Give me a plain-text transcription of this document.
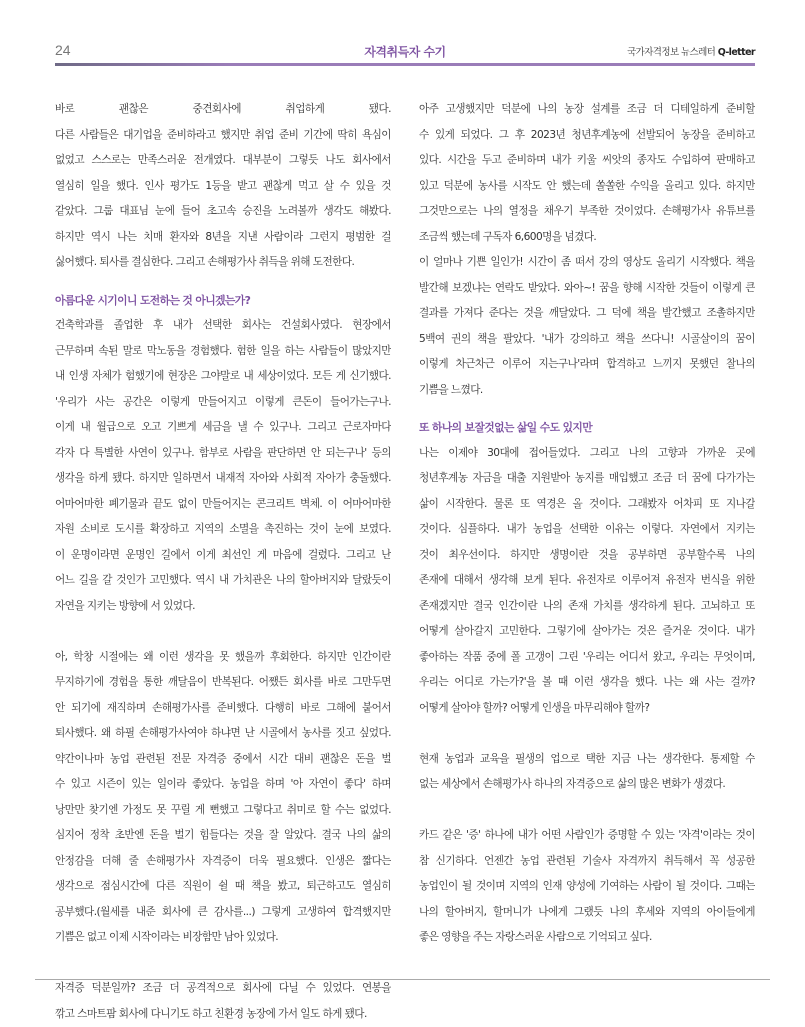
24	자격취득자 수기	국가자격정보 뉴스레터 Q-letter
바로 괜찮은 중견회사에 취업하게 됐다.
다른 사람들은 대기업을 준비하라고 했지만 취업 준비 기간에 딱히 욕심이
없었고 스스로는 만족스러운 전개였다. 대부분이 그렇듯 나도 회사에서
열심히 일을 했다. 인사 평가도 1등을 받고 괜찮게 먹고 살 수 있을 것
같았다. 그룹 대표님 눈에 들어 초고속 승진을 노려볼까 생각도 해봤다.
하지만 역시 나는 치매 환자와 8년을 지낸 사람이라 그런지 평범한 걸
싫어했다. 퇴사를 결심한다. 그리고 손해평가사 취득을 위해 도전한다.
아름다운 시기이니 도전하는 것 아니겠는가?
건축학과를 졸업한 후 내가 선택한 회사는 건설회사였다. 현장에서
근무하며 속된 말로 막노동을 경험했다. 험한 일을 하는 사람들이 많았지만
내 인생 자체가 험했기에 현장은 그야말로 내 세상이었다. 모든 게 신기했다.
'우리가 사는 공간은 이렇게 만들어지고 이렇게 큰돈이 들어가는구나.
이게 내 월급으로 오고 기쁘게 세금을 낼 수 있구나. 그리고 근로자마다
각자 다 특별한 사연이 있구나. 함부로 사람을 판단하면 안 되는구나' 등의
생각을 하게 됐다. 하지만 일하면서 내재적 자아와 사회적 자아가 충돌했다.
어마어마한 폐기물과 끝도 없이 만들어지는 콘크리트 벽체. 이 어마어마한
자원 소비로 도시를 확장하고 지역의 소멸을 촉진하는 것이 눈에 보였다.
이 운명이라면 운명인 길에서 이게 최선인 게 마음에 걸렸다. 그리고 난
어느 길을 갈 것인가 고민했다. 역시 내 가치관은 나의 할아버지와 달랐듯이
자연을 지키는 방향에 서 있었다.
아, 학창 시절에는 왜 이런 생각을 못 했을까 후회한다. 하지만 인간이란
무지하기에 경험을 통한 깨달음이 반복된다. 어쨌든 회사를 바로 그만두면
안 되기에 재직하며 손해평가사를 준비했다. 다행히 바로 그해에 붙어서
퇴사했다. 왜 하필 손해평가사여야 하냐면 난 시골에서 농사를 짓고 싶었다.
약간이나마 농업 관련된 전문 자격증 중에서 시간 대비 괜찮은 돈을 벌
수 있고 시즌이 있는 일이라 좋았다. 농업을 하며 '아 자연이 좋다' 하며
낭만만 찾기엔 가정도 못 꾸릴 게 뻔했고 그렇다고 취미로 할 수는 없었다.
심지어 정착 초반엔 돈을 벌기 힘들다는 것을 잘 알았다. 결국 나의 삶의
안정감을 더해 줄 손해평가사 자격증이 더욱 필요했다. 인생은 짧다는
생각으로 점심시간에 다른 직원이 쉴 때 책을 봤고, 퇴근하고도 열심히
공부했다.(월세를 내준 회사에 큰 감사를...) 그렇게 고생하여 합격했지만
기쁨은 없고 이제 시작이라는 비장함만 남아 있었다.
자격증 덕분일까? 조금 더 공격적으로 회사에 다닐 수 있었다. 연봉을
깎고 스마트팜 회사에 다니기도 하고 친환경 농장에 가서 일도 하게 됐다.
아주 고생했지만 덕분에 나의 농장 설계를 조금 더 디테일하게 준비할
수 있게 되었다. 그 후 2023년 청년후계농에 선발되어 농장을 준비하고
있다. 시간을 두고 준비하며 내가 키울 씨앗의 종자도 수입하여 판매하고
있고 덕분에 농사를 시작도 안 했는데 쏠쏠한 수익을 올리고 있다. 하지만
그것만으로는 나의 열정을 채우기 부족한 것이었다. 손해평가사 유튜브를
조금씩 했는데 구독자 6,600명을 넘겼다.
이 얼마나 기쁜 일인가! 시간이 좀 떠서 강의 영상도 올리기 시작했다. 책을
발간해 보겠냐는 연락도 받았다. 와아~! 꿈을 향해 시작한 것들이 이렇게 큰
결과를 가져다 준다는 것을 깨달았다. 그 덕에 책을 발간했고 조촐하지만
5백여 권의 책을 팔았다. '내가 강의하고 책을 쓰다니! 시골살이의 꿈이
이렇게 차근차근 이루어 지는구나'라며 합격하고 느끼지 못했던 찰나의
기쁨을 느꼈다.
또 하나의 보잘것없는 삶일 수도 있지만
나는 이제야 30대에 접어들었다. 그리고 나의 고향과 가까운 곳에
청년후계농 자금을 대출 지원받아 농지를 매입했고 조금 더 꿈에 다가가는
삶이 시작한다. 물론 또 역경은 올 것이다. 그래봤자 어차피 또 지나갈
것이다. 심플하다. 내가 농업을 선택한 이유는 이렇다. 자연에서 지키는
것이 최우선이다. 하지만 생명이란 것을 공부하면 공부할수록 나의
존재에 대해서 생각해 보게 된다. 유전자로 이루어져 유전자 번식을 위한
존재겠지만 결국 인간이란 나의 존재 가치를 생각하게 된다. 고뇌하고 또
어떻게 살아갈지 고민한다. 그렇기에 살아가는 것은 즐거운 것이다. 내가
좋아하는 작품 중에 폴 고갱이 그린 '우리는 어디서 왔고, 우리는 무엇이며,
우리는 어디로 가는가?'을 볼 때 이런 생각을 했다. 나는 왜 사는 걸까?
어떻게 살아야 할까? 어떻게 인생을 마무리해야 할까?
현재 농업과 교육을 필생의 업으로 택한 지금 나는 생각한다. 통제할 수
없는 세상에서 손해평가사 하나의 자격증으로 삶의 많은 변화가 생겼다.
카드 같은 '증' 하나에 내가 어떤 사람인가 증명할 수 있는 '자격'이라는 것이
참 신기하다. 언젠간 농업 관련된 기술사 자격까지 취득해서 꼭 성공한
농업인이 될 것이며 지역의 인재 양성에 기여하는 사람이 될 것이다. 그때는
나의 할아버지, 할머니가 나에게 그랬듯 나의 후세와 지역의 아이들에게
좋은 영향을 주는 자랑스러운 사람으로 기억되고 싶다.
